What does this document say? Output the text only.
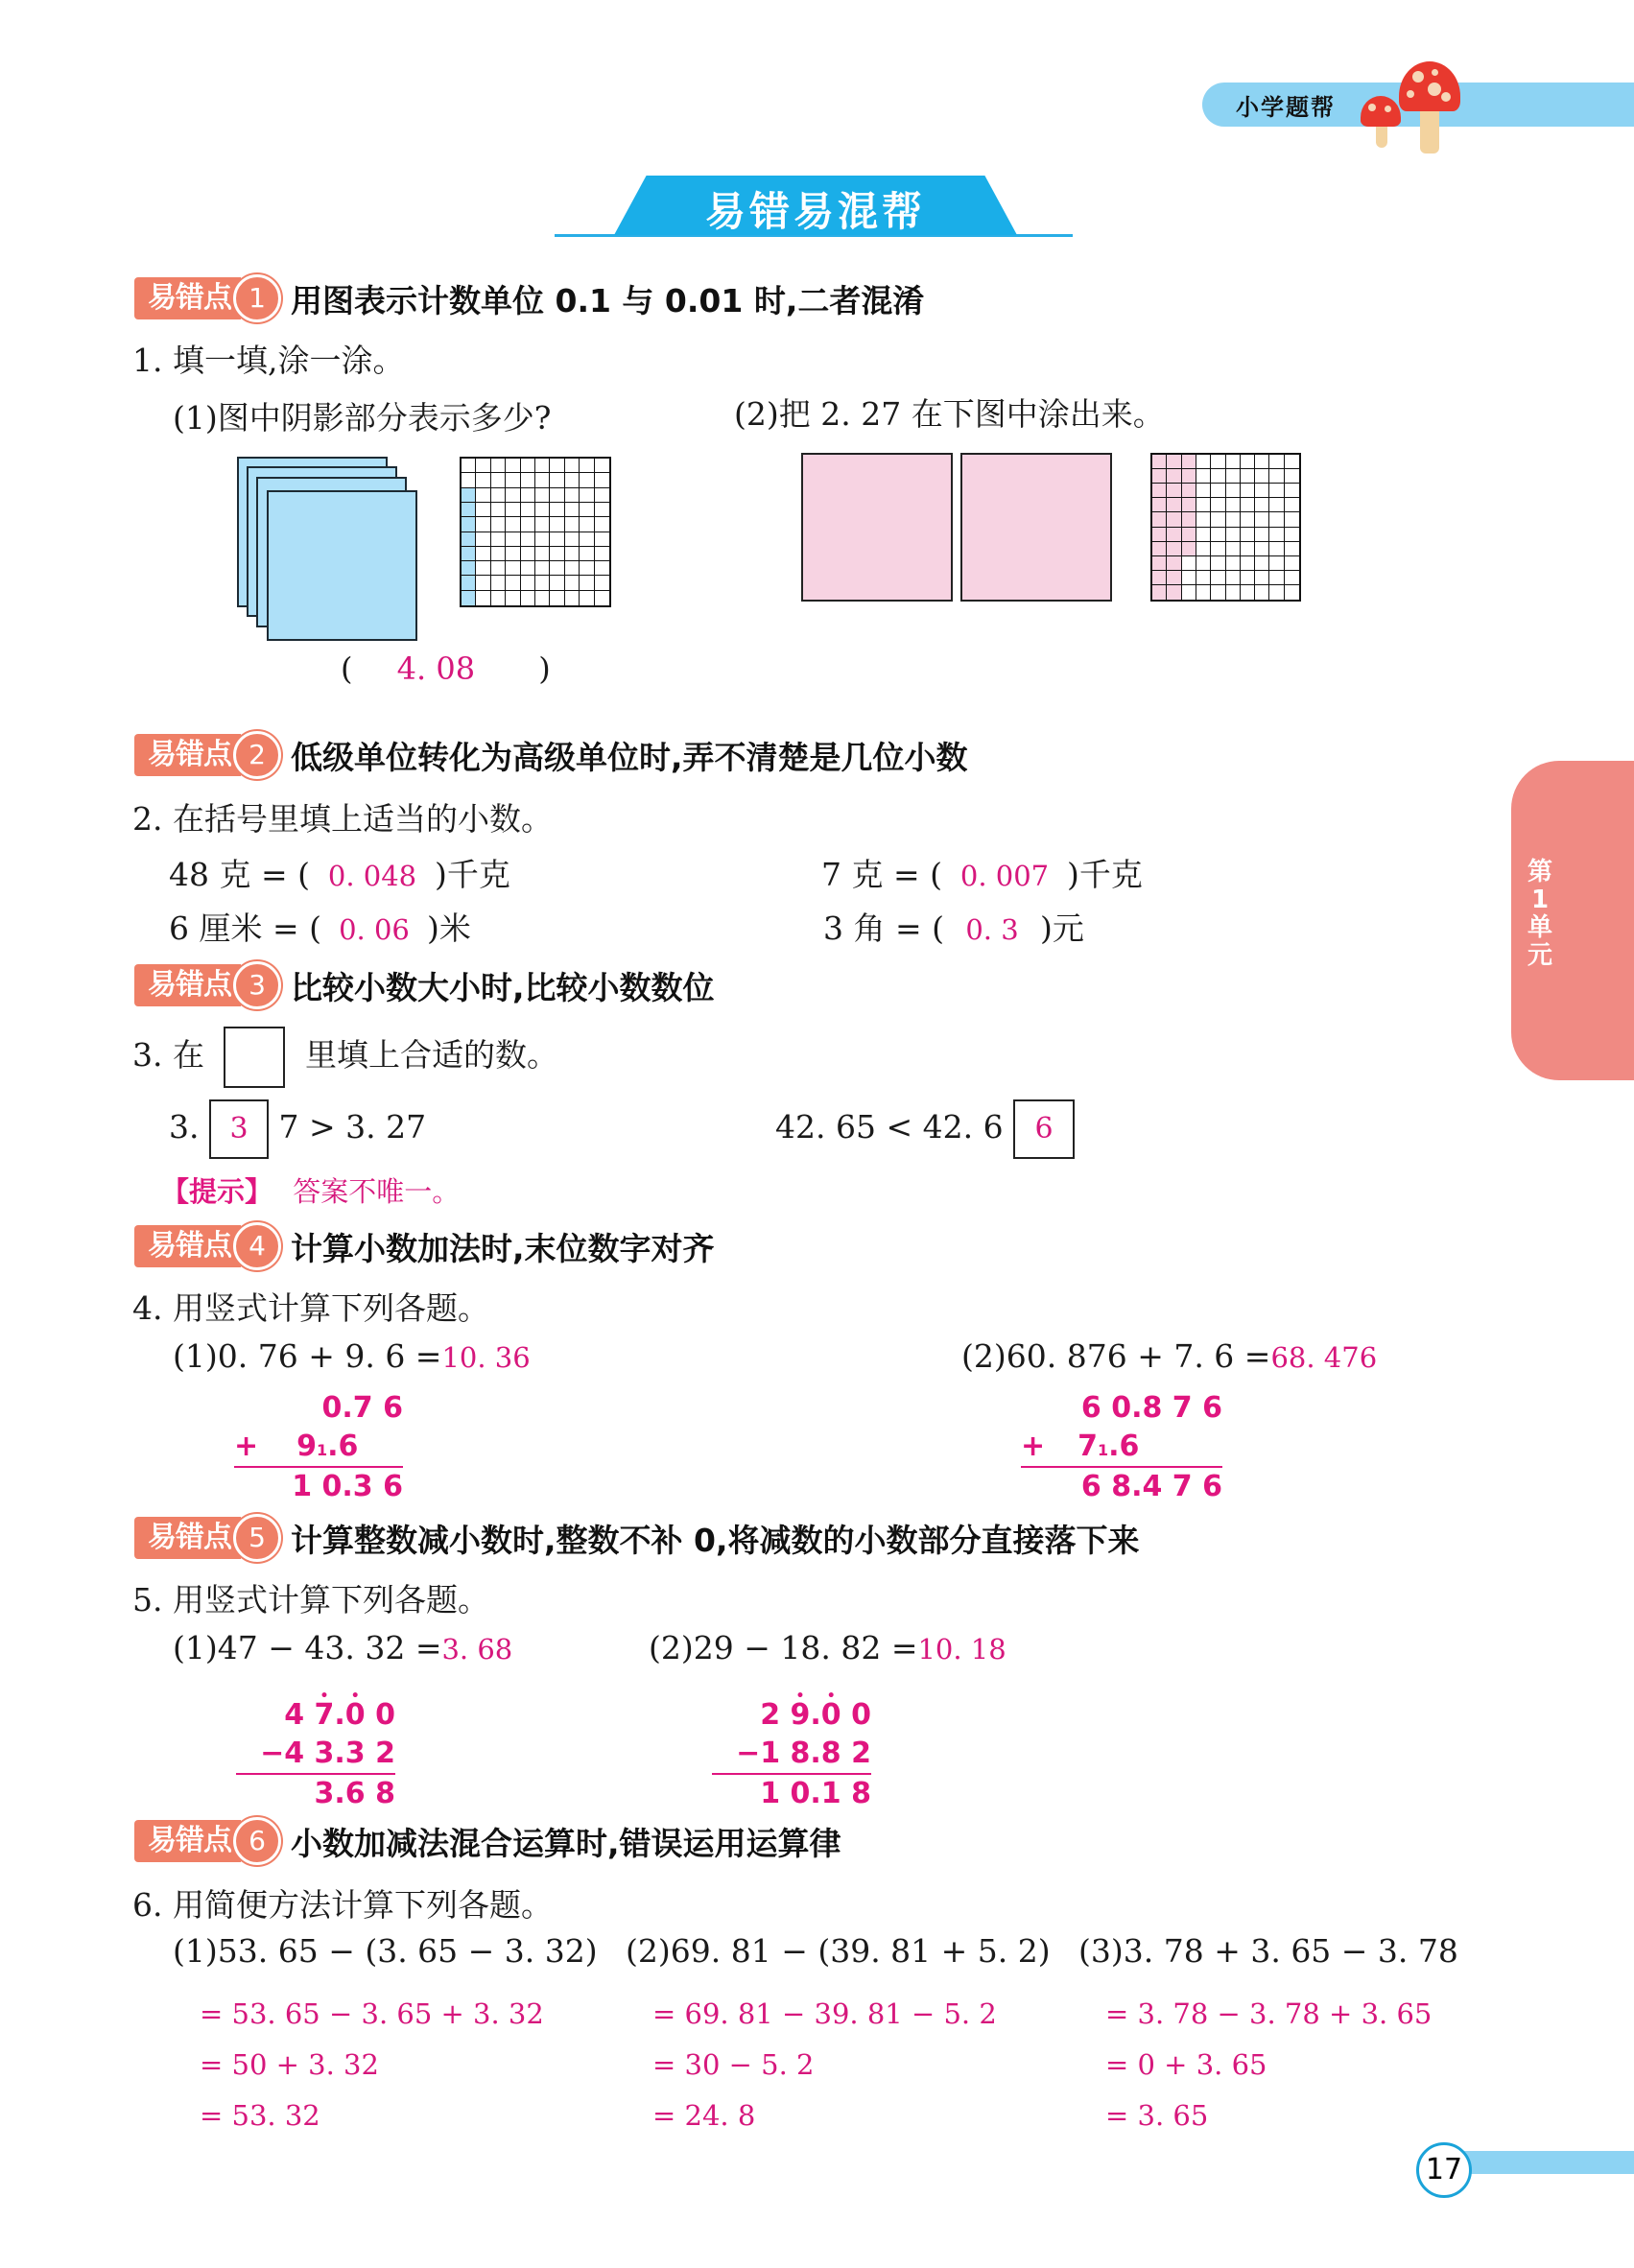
小学题帮
易错易混帮
第
1
单
元
易错点 1 用图表示计数单位 0.1 与 0.01 时,二者混淆
1. 填一填,涂一涂。
(1)图中阴影部分表示多少?	(2)把 2. 27 在下图中涂出来。
( 4. 08 )
易错点 2 低级单位转化为高级单位时,弄不清楚是几位小数
2. 在括号里填上适当的小数。
48 克 = ( 0. 048 )千克	7 克 = ( 0. 007 )千克
6 厘米 = ( 0. 06 )米	3 角 = ( 0. 3 )元
易错点 3 比较小数大小时,比较小数数位
3. 在	里填上合适的数。
3. 3 7 > 3. 27	42. 65 < 42. 6 6
【提示】 答案不唯一。
易错点 4 计算小数加法时,末位数字对齐
4. 用竖式计算下列各题。
(1)0. 76 + 9. 6 =10. 36	(2)60. 876 + 7. 6 =68. 476
0.7 6
+ 91.6
1 0.3 6
6 0.8 7 6
+ 71.6
6 8.4 7 6
易错点 5 计算整数减小数时,整数不补 0,将减数的小数部分直接落下来
5. 用竖式计算下列各题。
(1)47 − 43. 32 =3. 68	(2)29 − 18. 82 =10. 18
4 • 7.• 0 0
−4 3.3 2
3.6 8
2 • 9.• 0 0
−1 8.8 2
1 0.1 8
易错点 6 小数加减法混合运算时,错误运用运算律
6. 用简便方法计算下列各题。
(1)53. 65 − (3. 65 − 3. 32)
= 53. 65 − 3. 65 + 3. 32
= 50 + 3. 32
= 53. 32
(2)69. 81 − (39. 81 + 5. 2)
= 69. 81 − 39. 81 − 5. 2
= 30 − 5. 2
= 24. 8
(3)3. 78 + 3. 65 − 3. 78
= 3. 78 − 3. 78 + 3. 65
= 0 + 3. 65
= 3. 65
17
